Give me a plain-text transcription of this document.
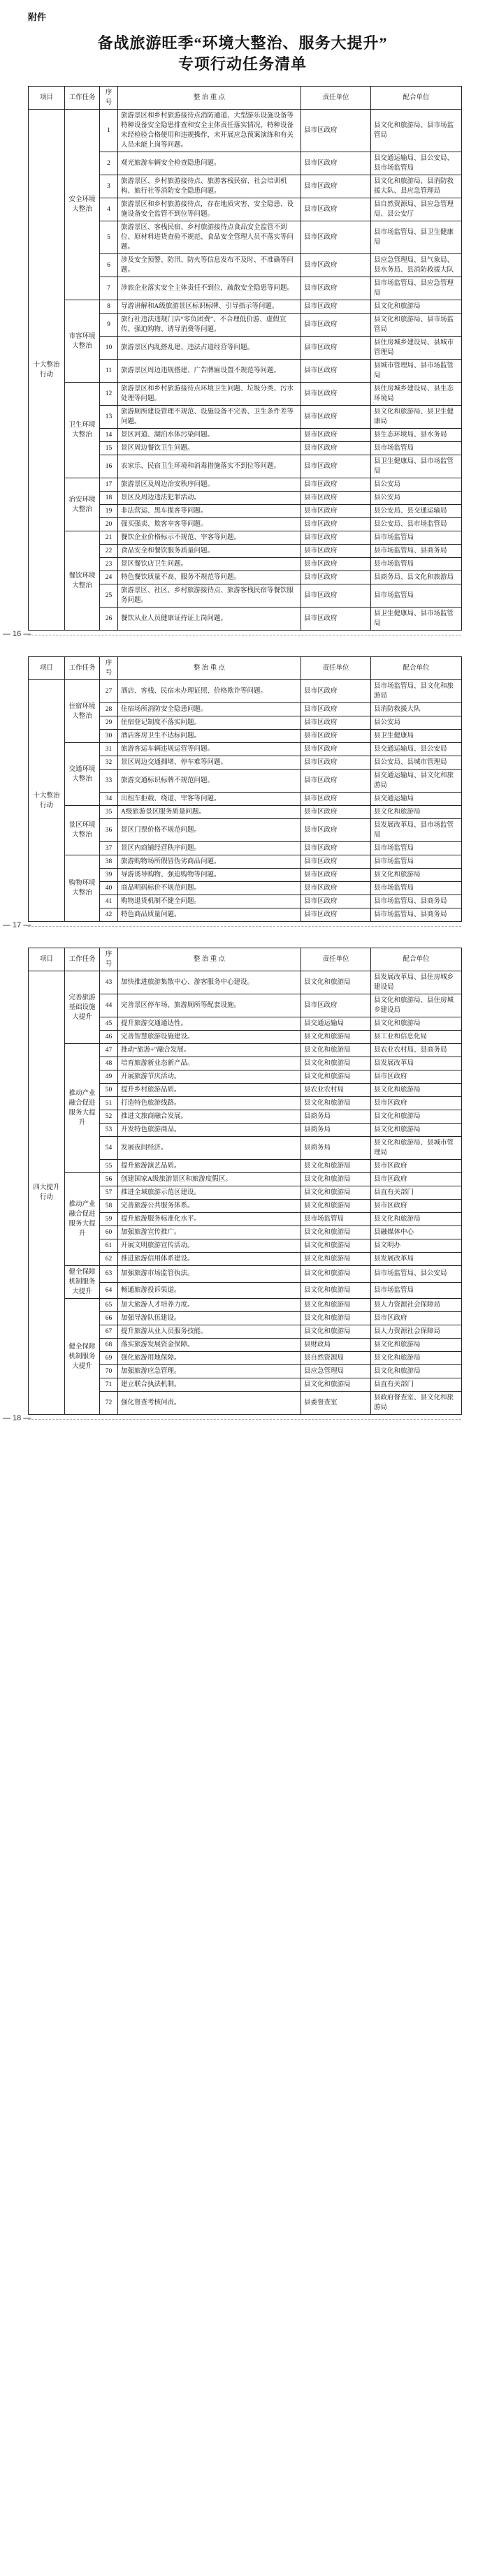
附件
备战旅游旺季“环境大整治、服务大提升”
专项行动任务清单
项目	工作任务	序号	整 治 重 点	责任单位	配合单位
十大整治行动	安全环境大整治	1	旅游景区和乡村旅游接待点消防通道、大型游乐设施设备等特种设备安全隐患排查和安全主体责任落实情况，特种设备未经检验合格使用和违规操作，未开展应急预案演练和有关人员未能上岗等问题。	县市区政府	县文化和旅游局、县市场监管局
		2	观光旅游车辆安全检查隐患问题。	县市区政府	县交通运输局、县公安局、县市场监管局
		3	旅游景区、乡村旅游接待点、旅游客栈民宿、社会培训机构、旅行社等消防安全隐患问题。	县市区政府	县文化和旅游局、县消防救援大队、县应急管理局
		4	旅游景区和乡村旅游接待点，存在地质灾害、安全隐患、设施设备安全监管不到位等问题。	县市区政府	县自然资源局、县应急管理局、县公安厅
		5	旅游景区、客栈民宿、乡村旅游接待点食品安全监管不到位、原材料进货查验不规范、食品安全管理人员不落实等问题。	县市区政府	县市场监管局、县卫生健康局
		6	涉及安全预警、防汛、防火等信息发布不及时、不准确等问题。	县市区政府	县应急管理局、县气象局、县水务局、县消防救援大队
		7	涉旅企业落实安全主体责任不到位，疏散安全隐患等问题。	县市区政府	县市场监管局、县应急管理局
	市容环境大整治	8	导游讲解和A级旅游景区标识标牌、引导指示等问题。	县市区政府	县文化和旅游局
		9	旅行社违法违规门店“零负团费”、不合理低价游、虚假宣传、强迫购物、诱导消费等问题。	县市区政府	县文化和旅游局、县市场监管局
		10	旅游景区内乱搭乱建、违法占道经营等问题。	县市区政府	县住房城乡建设局、县城市管理局
		11	旅游景区周边违规搭建、广告牌匾设置不规范等问题。	县市区政府	县城市管理局、县市场监管局
	卫生环境大整治	12	旅游景区和乡村旅游接待点环境卫生问题、垃圾分类、污水处理等问题。	县市区政府	县住房城乡建设局、县生态环境局
		13	旅游厕所建设管理不规范、设施设备不完善、卫生条件差等问题。	县市区政府	县文化和旅游局、县卫生健康局
		14	景区河道、湖泊水体污染问题。	县市区政府	县生态环境局、县水务局
		15	景区周边餐饮卫生问题。	县市区政府	县市场监管局
		16	农家乐、民宿卫生环境和消毒措施落实不到位等问题。	县市区政府	县卫生健康局、县市场监管局
	治安环境大整治	17	旅游景区及周边治安秩序问题。	县市区政府	县公安局
		18	景区及周边违法犯罪活动。	县市区政府	县公安局
		19	非法营运、黑车揽客等问题。	县市区政府	县公安局、县交通运输局
		20	强买强卖、欺客宰客等问题。	县市区政府	县公安局、县市场监管局
	餐饮环境大整治	21	餐饮企业价格标示不规范、宰客等问题。	县市区政府	县市场监管局
		22	食品安全和餐饮服务质量问题。	县市区政府	县市场监管局、县商务局
		23	景区餐饮店卫生问题。	县市区政府	县市场监管局
		24	特色餐饮质量不高、服务不规范等问题。	县市区政府	县商务局、县文化和旅游局
		25	旅游景区、社区、乡村旅游接待点、旅游客栈民宿等餐饮服务问题。	县市区政府	县市场监管局
		26	餐饮从业人员健康证持证上岗问题。	县市区政府	县卫生健康局、县市场监管局
— 16 —
项目	工作任务	序号	整 治 重 点	责任单位	配合单位
十大整治行动	住宿环境大整治	27	酒店、客栈、民宿未办理证照、价格欺诈等问题。	县市区政府	县市场监管局、县文化和旅游局
		28	住宿场所消防安全隐患问题。	县市区政府	县消防救援大队
		29	住宿登记制度不落实问题。	县市区政府	县公安局
		30	酒店客房卫生不达标问题。	县市区政府	县卫生健康局
	交通环境大整治	31	旅游客运车辆违规运营等问题。	县市区政府	县交通运输局、县公安局
		32	景区周边交通拥堵、停车难等问题。	县市区政府	县公安局、县城市管理局
		33	旅游交通标识标牌不规范问题。	县市区政府	县交通运输局、县文化和旅游局
		34	出租车拒载、绕道、宰客等问题。	县市区政府	县交通运输局
	景区环境大整治	35	A级旅游景区服务质量问题。	县市区政府	县文化和旅游局
		36	景区门票价格不规范问题。	县市区政府	县发展改革局、县市场监管局
		37	景区内商铺经营秩序问题。	县市区政府	县市场监管局
	购物环境大整治	38	旅游购物场所假冒伪劣商品问题。	县市区政府	县市场监管局
		39	导游诱导购物、强迫购物等问题。	县市区政府	县文化和旅游局
		40	商品明码标价不规范问题。	县市区政府	县市场监管局
		41	购物退货机制不健全问题。	县市区政府	县市场监管局、县商务局
		42	特色商品质量问题。	县市区政府	县市场监管局、县商务局
— 17 —
项目	工作任务	序号	整 治 重 点	责任单位	配合单位
四大提升行动	完善旅游基础设施大提升	43	加快推进旅游集散中心、游客服务中心建设。	县文化和旅游局	县发展改革局、县住房城乡建设局
		44	完善景区停车场、旅游厕所等配套设施。	县市区政府	县文化和旅游局、县住房城乡建设局
		45	提升旅游交通通达性。	县交通运输局	县文化和旅游局
		46	完善智慧旅游设施建设。	县文化和旅游局	县工业和信息化局
	推动产业融合促进服务大提升	47	推动“旅游+”融合发展。	县文化和旅游局	县农业农村局、县商务局
		48	培育旅游新业态新产品。	县文化和旅游局	县发展改革局
		49	开展旅游节庆活动。	县文化和旅游局	县市区政府
		50	提升乡村旅游品质。	县农业农村局	县文化和旅游局
		51	打造特色旅游线路。	县文化和旅游局	县市区政府
		52	推进文旅商融合发展。	县商务局	县文化和旅游局
		53	开发特色旅游商品。	县商务局	县文化和旅游局
		54	发展夜间经济。	县商务局	县文化和旅游局、县城市管理局
		55	提升旅游演艺品质。	县文化和旅游局	县市区政府
	推动产业融合促进服务大提升	56	创建国家A级旅游景区和旅游度假区。	县文化和旅游局	县市区政府
		57	推进全域旅游示范区建设。	县文化和旅游局	县直有关部门
		58	完善旅游公共服务体系。	县文化和旅游局	县市区政府
		59	提升旅游服务标准化水平。	县市场监管局	县文化和旅游局
		60	加强旅游宣传推广。	县文化和旅游局	县融媒体中心
		61	开展文明旅游宣传活动。	县文化和旅游局	县文明办
		62	推进旅游信用体系建设。	县文化和旅游局	县发展改革局
	健全保障机制服务大提升	63	加强旅游市场监管执法。	县文化和旅游局	县市场监管局、县公安局
		64	畅通旅游投诉渠道。	县文化和旅游局	县市场监管局
	健全保障机制服务大提升	65	加大旅游人才培养力度。	县文化和旅游局	县人力资源社会保障局
		66	加强导游队伍建设。	县文化和旅游局	县市区政府
		67	提升旅游从业人员服务技能。	县文化和旅游局	县人力资源社会保障局
		68	落实旅游发展资金保障。	县财政局	县文化和旅游局
		69	强化旅游用地保障。	县自然资源局	县文化和旅游局
		70	加强旅游应急管理。	县应急管理局	县文化和旅游局
		71	建立联合执法机制。	县文化和旅游局	县直有关部门
		72	强化督查考核问责。	县委督查室	县政府督查室、县文化和旅游局
— 18 —
